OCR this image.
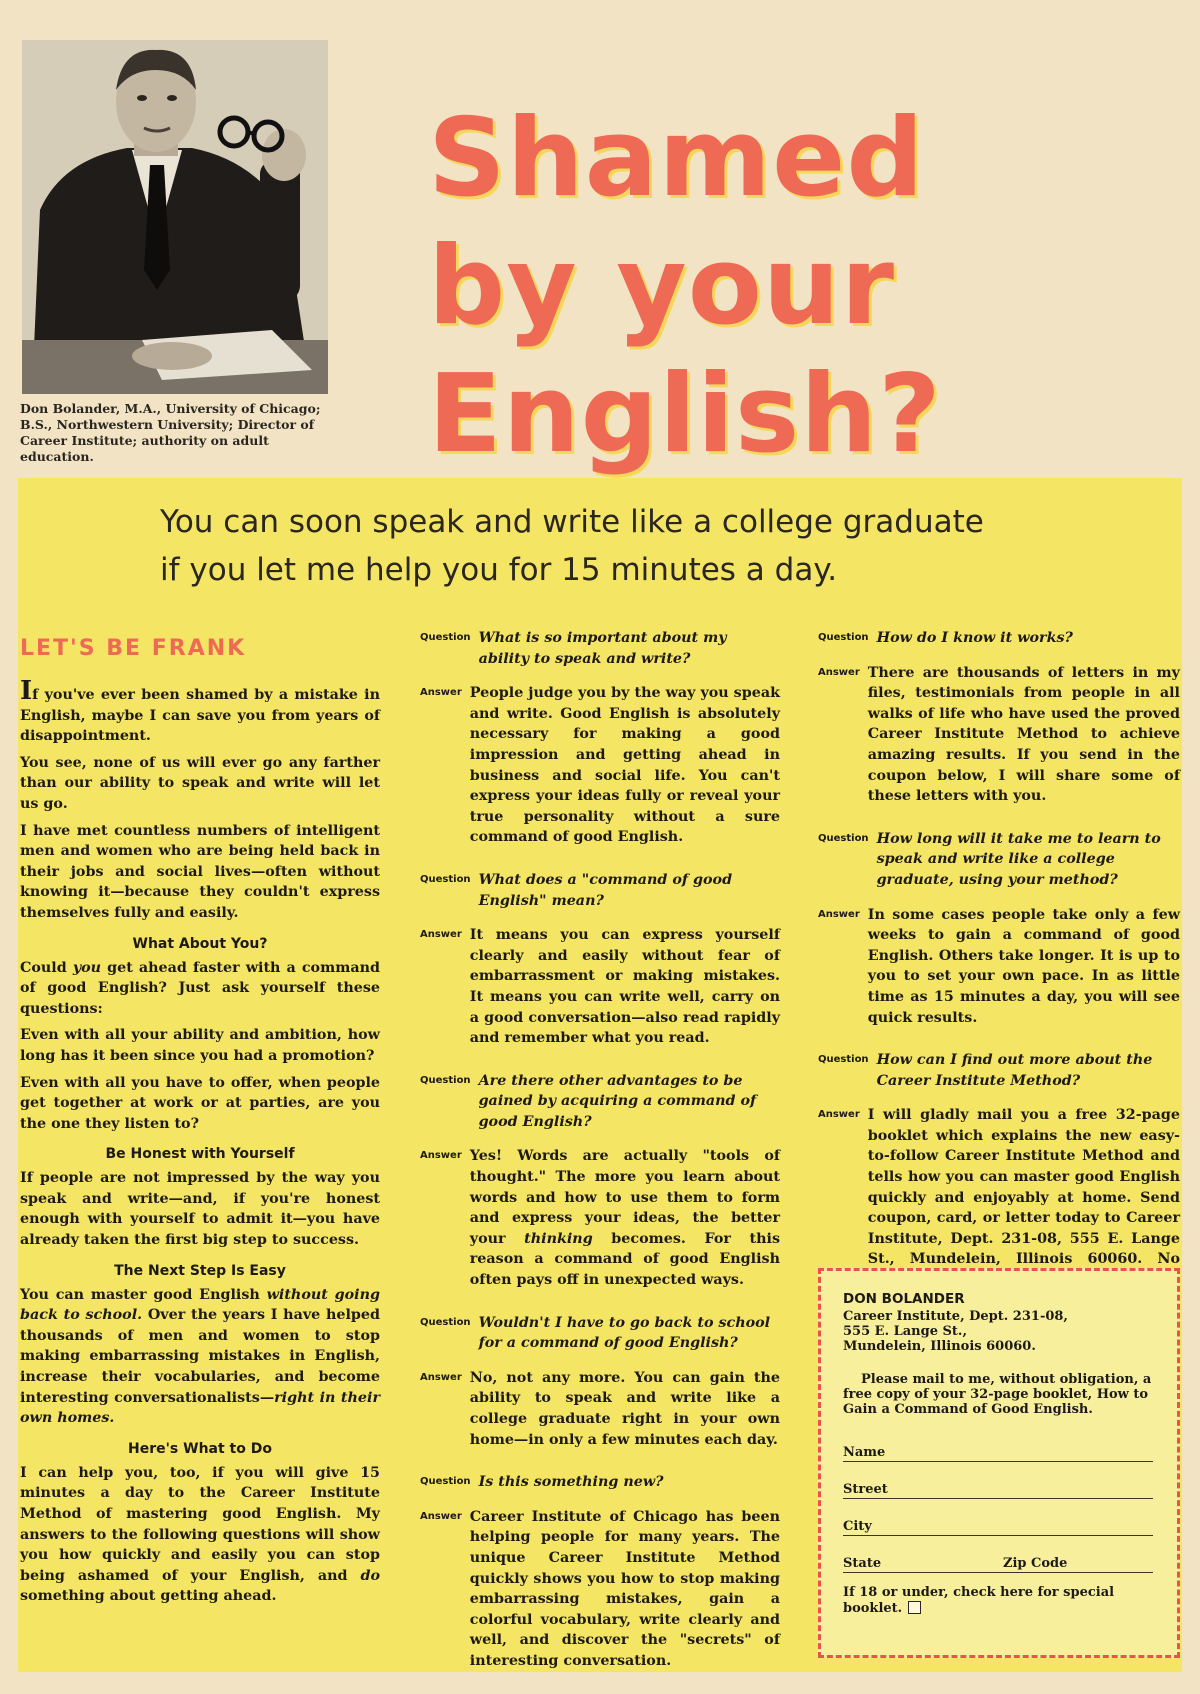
Don Bolander, M.A., University of Chicago; B.S., Northwestern University; Director of Career Institute; authority on adult education.
Shamed
by your
English?
You can soon speak and write like a college graduate
if you let me help you for 15 minutes a day.
LET'S BE FRANK

If you've ever been shamed by a mistake in English, maybe I can save you from years of disappointment.

You see, none of us will ever go any farther than our ability to speak and write will let us go.

I have met countless numbers of intelligent men and women who are being held back in their jobs and social lives—often without knowing it—because they couldn't express themselves fully and easily.

What About You?

Could you get ahead faster with a command of good English? Just ask yourself these questions:

Even with all your ability and ambition, how long has it been since you had a promotion?

Even with all you have to offer, when people get together at work or at parties, are you the one they listen to?

Be Honest with Yourself

If people are not impressed by the way you speak and write—and, if you're honest enough with yourself to admit it—you have already taken the first big step to success.

The Next Step Is Easy

You can master good English without going back to school. Over the years I have helped thousands of men and women to stop making embarrassing mistakes in English, increase their vocabularies, and become interesting conversationalists—right in their own homes.

Here's What to Do

I can help you, too, if you will give 15 minutes a day to the Career Institute Method of mastering good English. My answers to the following questions will show you how quickly and easily you can stop being ashamed of your English, and do something about getting ahead.

Question What is so important about my ability to speak and write?
Answer People judge you by the way you speak and write. Good English is absolutely necessary for making a good impression and getting ahead in business and social life. You can't express your ideas fully or reveal your true personality without a sure command of good English.
Question What does a "command of good English" mean?
Answer It means you can express yourself clearly and easily without fear of embarrassment or making mistakes. It means you can write well, carry on a good conversation—also read rapidly and remember what you read.
Question Are there other advantages to be gained by acquiring a command of good English?
Answer Yes! Words are actually "tools of thought." The more you learn about words and how to use them to form and express your ideas, the better your thinking becomes. For this reason a command of good English often pays off in unexpected ways.
Question Wouldn't I have to go back to school for a command of good English?
Answer No, not any more. You can gain the ability to speak and write like a college graduate right in your own home—in only a few minutes each day.
Question Is this something new?
Answer Career Institute of Chicago has been helping people for many years. The unique Career Institute Method quickly shows you how to stop making embarrassing mistakes, gain a colorful vocabulary, write clearly and well, and discover the "secrets" of interesting conversation.
Question How do I know it works?
Answer There are thousands of letters in my files, testimonials from people in all walks of life who have used the proved Career Institute Method to achieve amazing results. If you send in the coupon below, I will share some of these letters with you.
Question How long will it take me to learn to speak and write like a college graduate, using your method?
Answer In some cases people take only a few weeks to gain a command of good English. Others take longer. It is up to you to set your own pace. In as little time as 15 minutes a day, you will see quick results.
Question How can I find out more about the Career Institute Method?
Answer I will gladly mail you a free 32-page booklet which explains the new easy-to-follow Career Institute Method and tells how you can master good English quickly and enjoyably at home. Send coupon, card, or letter today to Career Institute, Dept. 231-08, 555 E. Lange St., Mundelein, Illinois 60060. No
DON BOLANDER
Career Institute, Dept. 231-08,
555 E. Lange St.,
Mundelein, Illinois 60060.
Please mail to me, without obligation, a free copy of your 32-page booklet, How to Gain a Command of Good English.
Name
Street
City
State	Zip Code
If 18 or under, check here for special booklet.
